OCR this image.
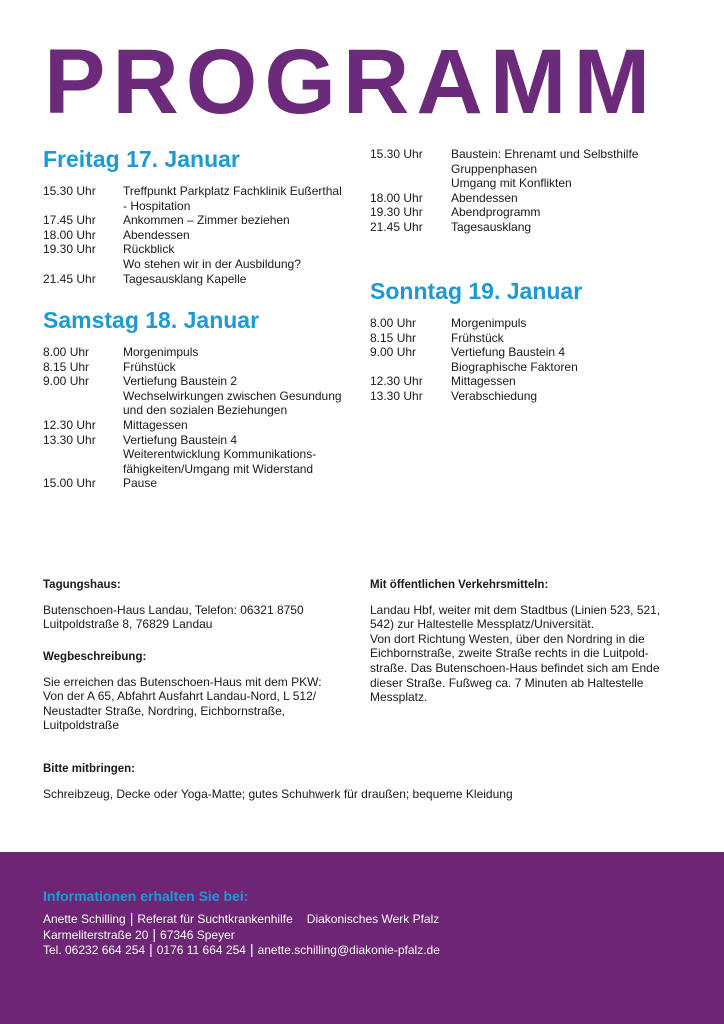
PROGRAMM
Freitag 17. Januar
15.30 Uhr	Treffpunkt Parkplatz Fachklinik Eußerthal
- Hospitation
17.45 Uhr	Ankommen – Zimmer beziehen
18.00 Uhr	Abendessen
19.30 Uhr	Rückblick
Wo stehen wir in der Ausbildung?
21.45 Uhr	Tagesausklang Kapelle
Samstag 18. Januar
8.00 Uhr	Morgenimpuls
8.15 Uhr	Frühstück
9.00 Uhr	Vertiefung Baustein 2
Wechselwirkungen zwischen Gesundung
und den sozialen Beziehungen
12.30 Uhr	Mittagessen
13.30 Uhr	Vertiefung Baustein 4
Weiterentwicklung Kommunikations-
fähigkeiten/Umgang mit Widerstand
15.00 Uhr	Pause
15.30 Uhr	Baustein: Ehrenamt und Selbsthilfe
Gruppenphasen
Umgang mit Konflikten
18.00 Uhr	Abendessen
19.30 Uhr	Abendprogramm
21.45 Uhr	Tagesausklang
Sonntag 19. Januar
8.00 Uhr	Morgenimpuls
8.15 Uhr	Frühstück
9.00 Uhr	Vertiefung Baustein 4
Biographische Faktoren
12.30 Uhr	Mittagessen
13.30 Uhr	Verabschiedung
Tagungshaus:
Butenschoen-Haus Landau, Telefon: 06321 8750
Luitpoldstraße 8, 76829 Landau
Wegbeschreibung:
Sie erreichen das Butenschoen-Haus mit dem PKW:
Von der A 65, Abfahrt Ausfahrt Landau-Nord, L 512/
Neustadter Straße, Nordring, Eichbornstraße,
Luitpoldstraße
Mit öffentlichen Verkehrsmitteln:
Landau Hbf, weiter mit dem Stadtbus (Linien 523, 521,
542) zur Haltestelle Messplatz/Universität.
Von dort Richtung Westen, über den Nordring in die
Eichbornstraße, zweite Straße rechts in die Luitpold-
straße. Das Butenschoen-Haus befindet sich am Ende
dieser Straße. Fußweg ca. 7 Minuten ab Haltestelle
Messplatz.
Bitte mitbringen:
Schreibzeug, Decke oder Yoga-Matte; gutes Schuhwerk für draußen; bequeme Kleidung
Informationen erhalten Sie bei:
Anette Schilling | Referat für Suchtkrankenhilfe Diakonisches Werk Pfalz
Karmeliterstraße 20 | 67346 Speyer
Tel. 06232 664 254 | 0176 11 664 254 | anette.schilling@diakonie-pfalz.de
